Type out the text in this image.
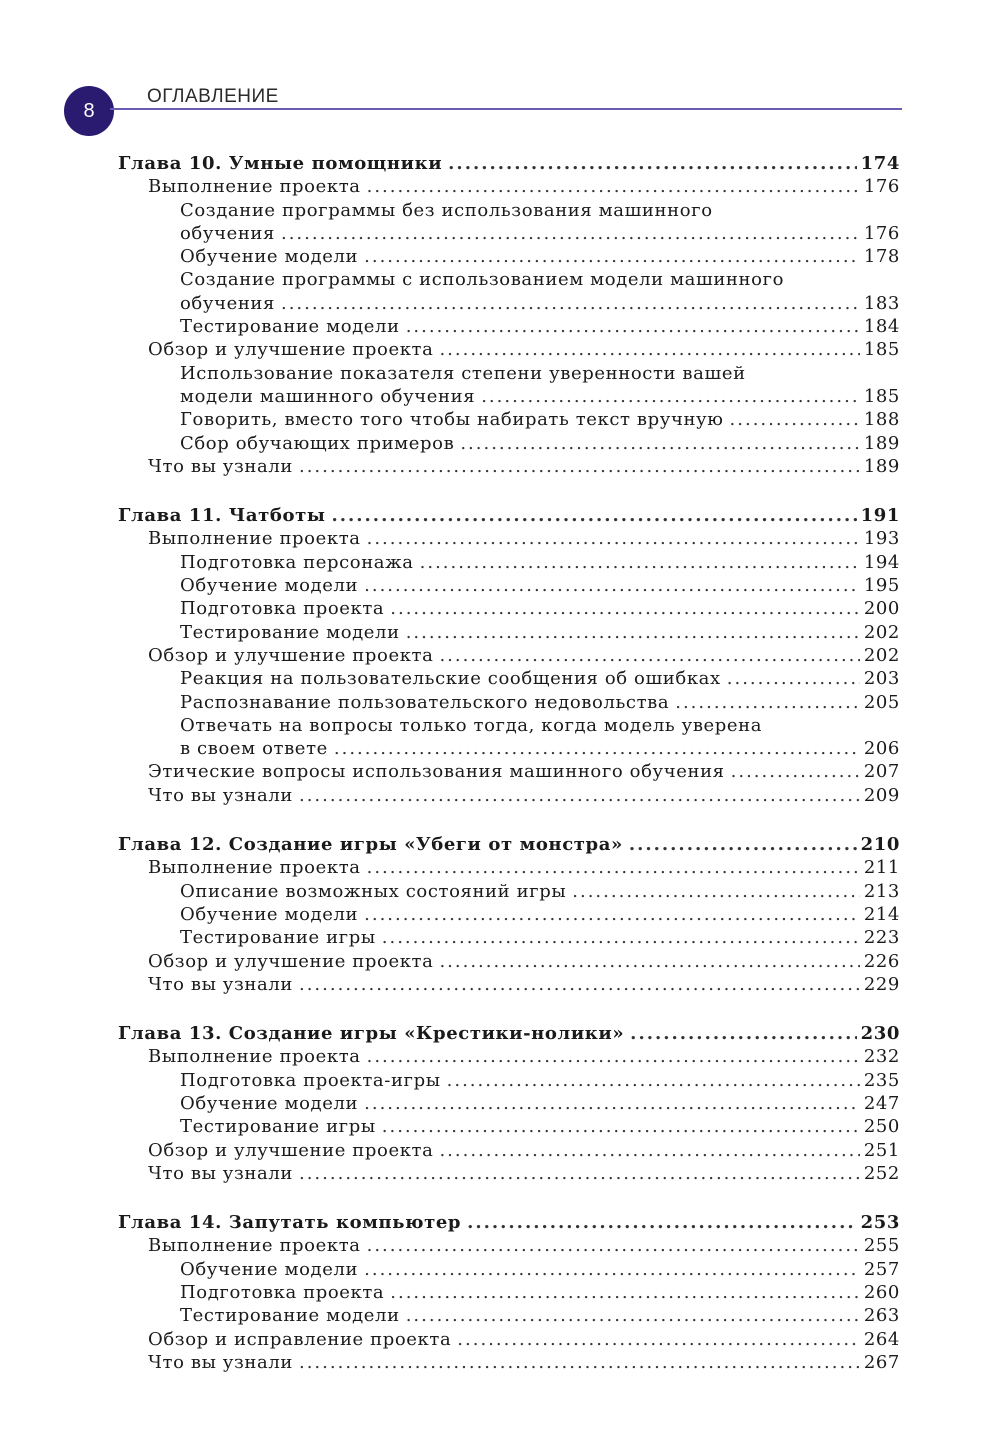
8
ОГЛАВЛЕНИЕ
Глава 10. Умные помощники .....	174
Выполнение проекта .....	176
Создание программы без использования машинного
обучения .....	176
Обучение модели .....	178
Создание программы с использованием модели машинного
обучения .....	183
Тестирование модели .....	184
Обзор и улучшение проекта .....	185
Использование показателя степени уверенности вашей
модели машинного обучения .....	185
Говорить, вместо того чтобы набирать текст вручную .....	188
Сбор обучающих примеров .....	189
Что вы узнали .....	189
Глава 11. Чатботы .....	191
Выполнение проекта .....	193
Подготовка персонажа .....	194
Обучение модели .....	195
Подготовка проекта .....	200
Тестирование модели .....	202
Обзор и улучшение проекта .....	202
Реакция на пользовательские сообщения об ошибках .....	203
Распознавание пользовательского недовольства .....	205
Отвечать на вопросы только тогда, когда модель уверена
в своем ответе .....	206
Этические вопросы использования машинного обучения .....	207
Что вы узнали .....	209
Глава 12. Создание игры «Убеги от монстра» .....	210
Выполнение проекта .....	211
Описание возможных состояний игры .....	213
Обучение модели .....	214
Тестирование игры .....	223
Обзор и улучшение проекта .....	226
Что вы узнали .....	229
Глава 13. Создание игры «Крестики-нолики» .....	230
Выполнение проекта .....	232
Подготовка проекта-игры .....	235
Обучение модели .....	247
Тестирование игры .....	250
Обзор и улучшение проекта .....	251
Что вы узнали .....	252
Глава 14. Запутать компьютер .....	253
Выполнение проекта .....	255
Обучение модели .....	257
Подготовка проекта .....	260
Тестирование модели .....	263
Обзор и исправление проекта .....	264
Что вы узнали .....	267
